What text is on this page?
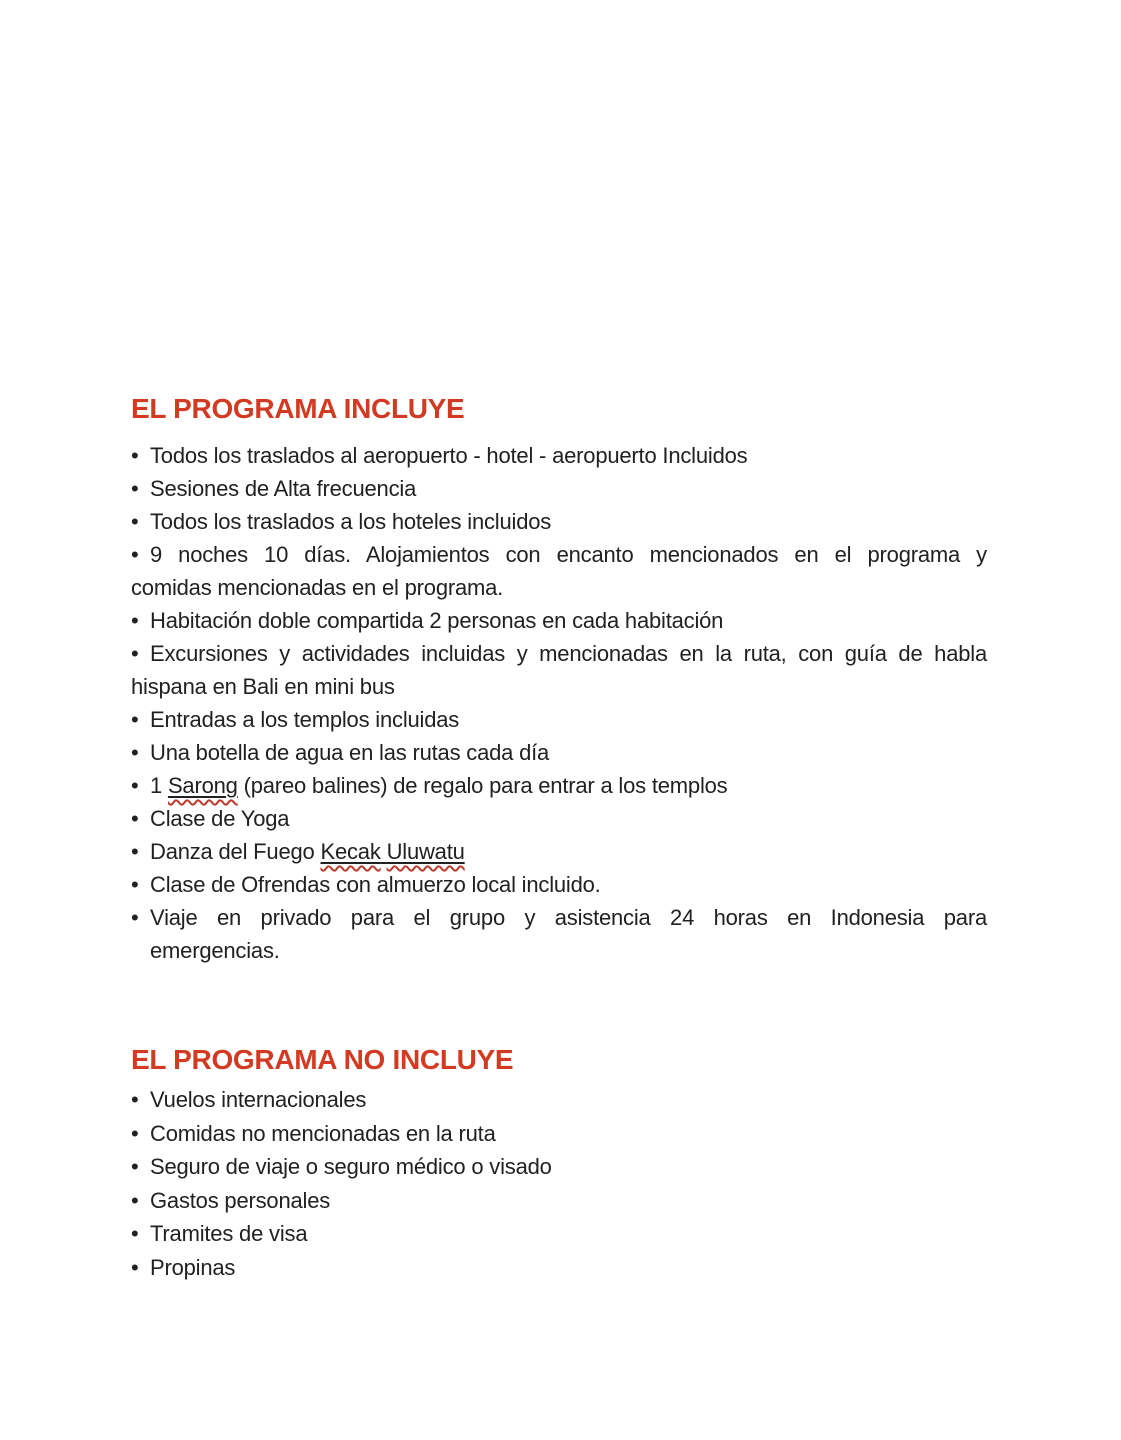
EL PROGRAMA INCLUYE

• Todos los traslados al aeropuerto - hotel - aeropuerto Incluidos

• Sesiones de Alta frecuencia

• Todos los traslados a los hoteles incluidos

• 9 noches 10 días. Alojamientos con encanto mencionados en el programa y

comidas mencionadas en el programa.

• Habitación doble compartida 2 personas en cada habitación

• Excursiones y actividades incluidas y mencionadas en la ruta, con guía de habla

hispana en Bali en mini bus

• Entradas a los templos incluidas

• Una botella de agua en las rutas cada día

• 1 Sarong (pareo balines) de regalo para entrar a los templos

• Clase de Yoga

• Danza del Fuego Kecak Uluwatu

• Clase de Ofrendas con almuerzo local incluido.

• Viaje en privado para el grupo y asistencia 24 horas en Indonesia para

emergencias.

EL PROGRAMA NO INCLUYE

• Vuelos internacionales

• Comidas no mencionadas en la ruta

• Seguro de viaje o seguro médico o visado

• Gastos personales

• Tramites de visa

• Propinas
